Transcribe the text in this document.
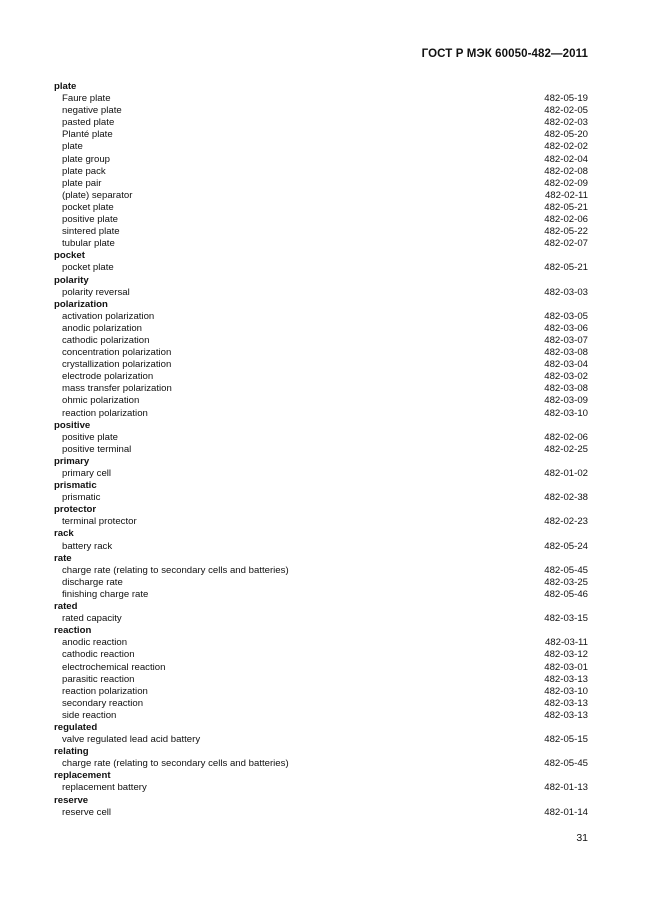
ГОСТ Р МЭК 60050-482—2011
plate
Faure plate	482-05-19
negative plate	482-02-05
pasted plate	482-02-03
Planté plate	482-05-20
plate	482-02-02
plate group	482-02-04
plate pack	482-02-08
plate pair	482-02-09
(plate) separator	482-02-11
pocket plate	482-05-21
positive plate	482-02-06
sintered plate	482-05-22
tubular plate	482-02-07
pocket
pocket plate	482-05-21
polarity
polarity reversal	482-03-03
polarization
activation polarization	482-03-05
anodic polarization	482-03-06
cathodic polarization	482-03-07
concentration polarization	482-03-08
crystallization polarization	482-03-04
electrode polarization	482-03-02
mass transfer polarization	482-03-08
ohmic polarization	482-03-09
reaction polarization	482-03-10
positive
positive plate	482-02-06
positive terminal	482-02-25
primary
primary cell	482-01-02
prismatic
prismatic	482-02-38
protector
terminal protector	482-02-23
rack
battery rack	482-05-24
rate
charge rate (relating to secondary cells and batteries)	482-05-45
discharge rate	482-03-25
finishing charge rate	482-05-46
rated
rated capacity	482-03-15
reaction
anodic reaction	482-03-11
cathodic reaction	482-03-12
electrochemical reaction	482-03-01
parasitic reaction	482-03-13
reaction polarization	482-03-10
secondary reaction	482-03-13
side reaction	482-03-13
regulated
valve regulated lead acid battery	482-05-15
relating
charge rate (relating to secondary cells and batteries)	482-05-45
replacement
replacement battery	482-01-13
reserve
reserve cell	482-01-14
31
